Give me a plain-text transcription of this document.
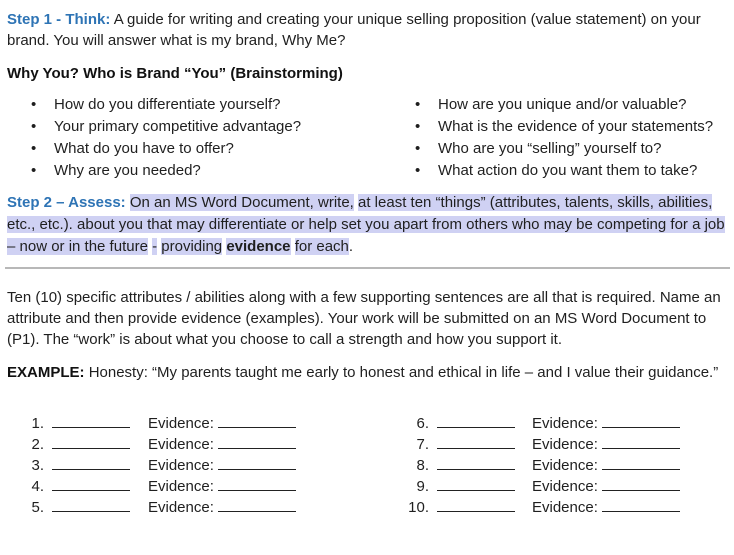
Step 1 - Think: A guide for writing and creating your unique selling proposition (value statement) on your brand. You will answer what is my brand, Why Me?
Why You? Who is Brand “You” (Brainstorming)
• How do you differentiate yourself?
• Your primary competitive advantage?
• What do you have to offer?
• Why are you needed?
• How are you unique and/or valuable?
• What is the evidence of your statements?
• Who are you “selling” yourself to?
• What action do you want them to take?
Step 2 – Assess: On an MS Word Document, write, at least ten “things” (attributes, talents, skills, abilities, etc., etc.). about you that may differentiate or help set you apart from others who may be competing for a job – now or in the future - providing evidence for each.
Ten (10) specific attributes / abilities along with a few supporting sentences are all that is required. Name an attribute and then provide evidence (examples). Your work will be submitted on an MS Word Document to (P1). The “work” is about what you choose to call a strength and how you support it.
EXAMPLE: Honesty: “My parents taught me early to honest and ethical in life – and I value their guidance.”
1.
2.
3.
4.
5.
Evidence:
Evidence:
Evidence:
Evidence:
Evidence:
6.
7.
8.
9.
10.
Evidence:
Evidence:
Evidence:
Evidence:
Evidence:
